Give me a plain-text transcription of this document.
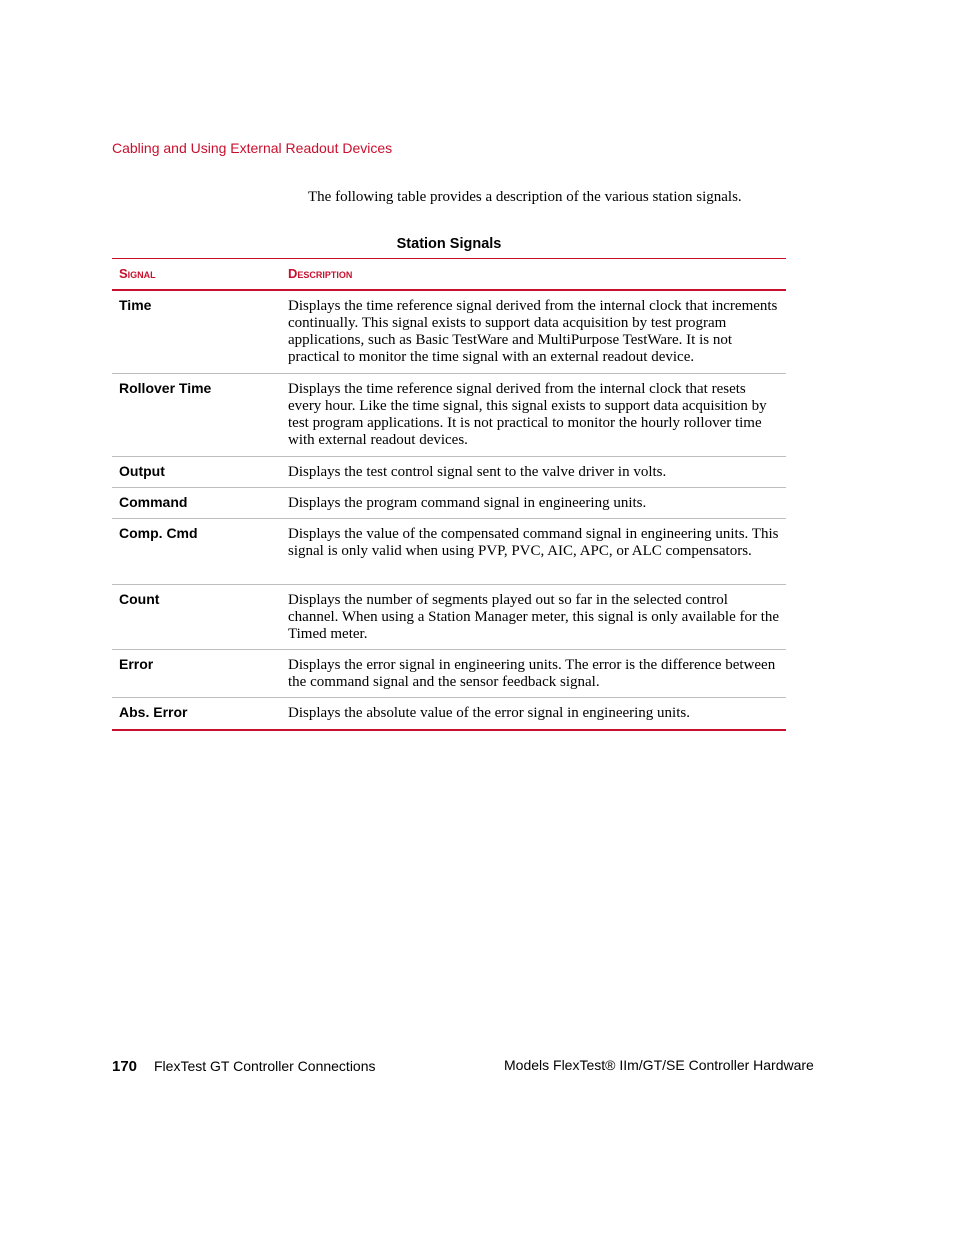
Cabling and Using External Readout Devices
The following table provides a description of the various station signals.
Station Signals
Signal	Description
Time	Displays the time reference signal derived from the internal clock that increments continually. This signal exists to support data acquisition by test program applications, such as Basic TestWare and MultiPurpose TestWare. It is not practical to monitor the time signal with an external readout device.
Rollover Time	Displays the time reference signal derived from the internal clock that resets every hour. Like the time signal, this signal exists to support data acquisition by test program applications. It is not practical to monitor the hourly rollover time with external readout devices.
Output	Displays the test control signal sent to the valve driver in volts.
Command	Displays the program command signal in engineering units.
Comp. Cmd	Displays the value of the compensated command signal in engineering units. This signal is only valid when using PVP, PVC, AIC, APC, or ALC compensators.
Count	Displays the number of segments played out so far in the selected control channel. When using a Station Manager meter, this signal is only available for the Timed meter.
Error	Displays the error signal in engineering units. The error is the difference between the command signal and the sensor feedback signal.
Abs. Error	Displays the absolute value of the error signal in engineering units.
170 FlexTest GT Controller Connections	Models FlexTest® IIm/GT/SE Controller Hardware
